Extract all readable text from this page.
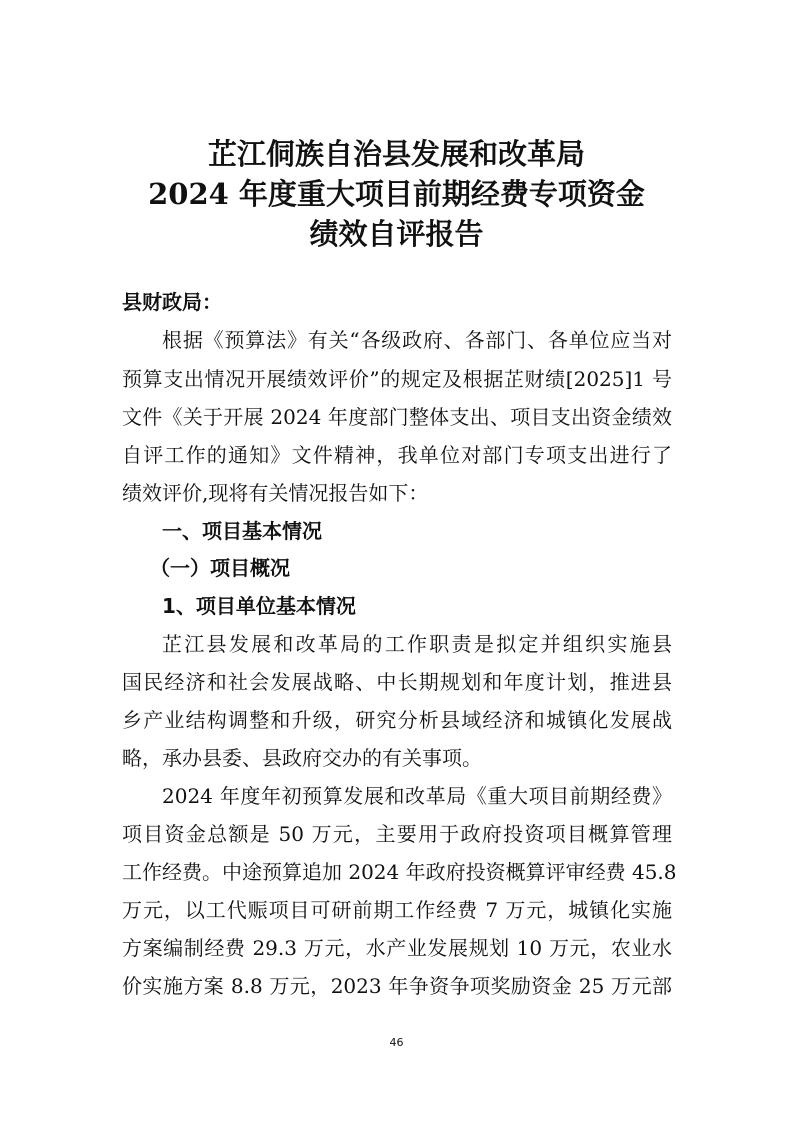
芷江侗族自治县发展和改革局
2024 年度重大项目前期经费专项资金
绩效自评报告
县财政局：
根据《预算法》有关“各级政府、各部门、各单位应当对
预算支出情况开展绩效评价”的规定及根据芷财绩[2025]1 号
文件《关于开展 2024 年度部门整体支出、项目支出资金绩效
自评工作的通知》文件精神，我单位对部门专项支出进行了
绩效评价,现将有关情况报告如下：
一、项目基本情况
（一）项目概况
1、项目单位基本情况
芷江县发展和改革局的工作职责是拟定并组织实施县
国民经济和社会发展战略、中长期规划和年度计划，推进县
乡产业结构调整和升级，研究分析县域经济和城镇化发展战
略，承办县委、县政府交办的有关事项。
2024 年度年初预算发展和改革局《重大项目前期经费》
项目资金总额是 50 万元，主要用于政府投资项目概算管理
工作经费。中途预算追加 2024 年政府投资概算评审经费 45.8
万元，以工代赈项目可研前期工作经费 7 万元，城镇化实施
方案编制经费 29.3 万元，水产业发展规划 10 万元，农业水
价实施方案 8.8 万元，2023 年争资争项奖励资金 25 万元部
46
